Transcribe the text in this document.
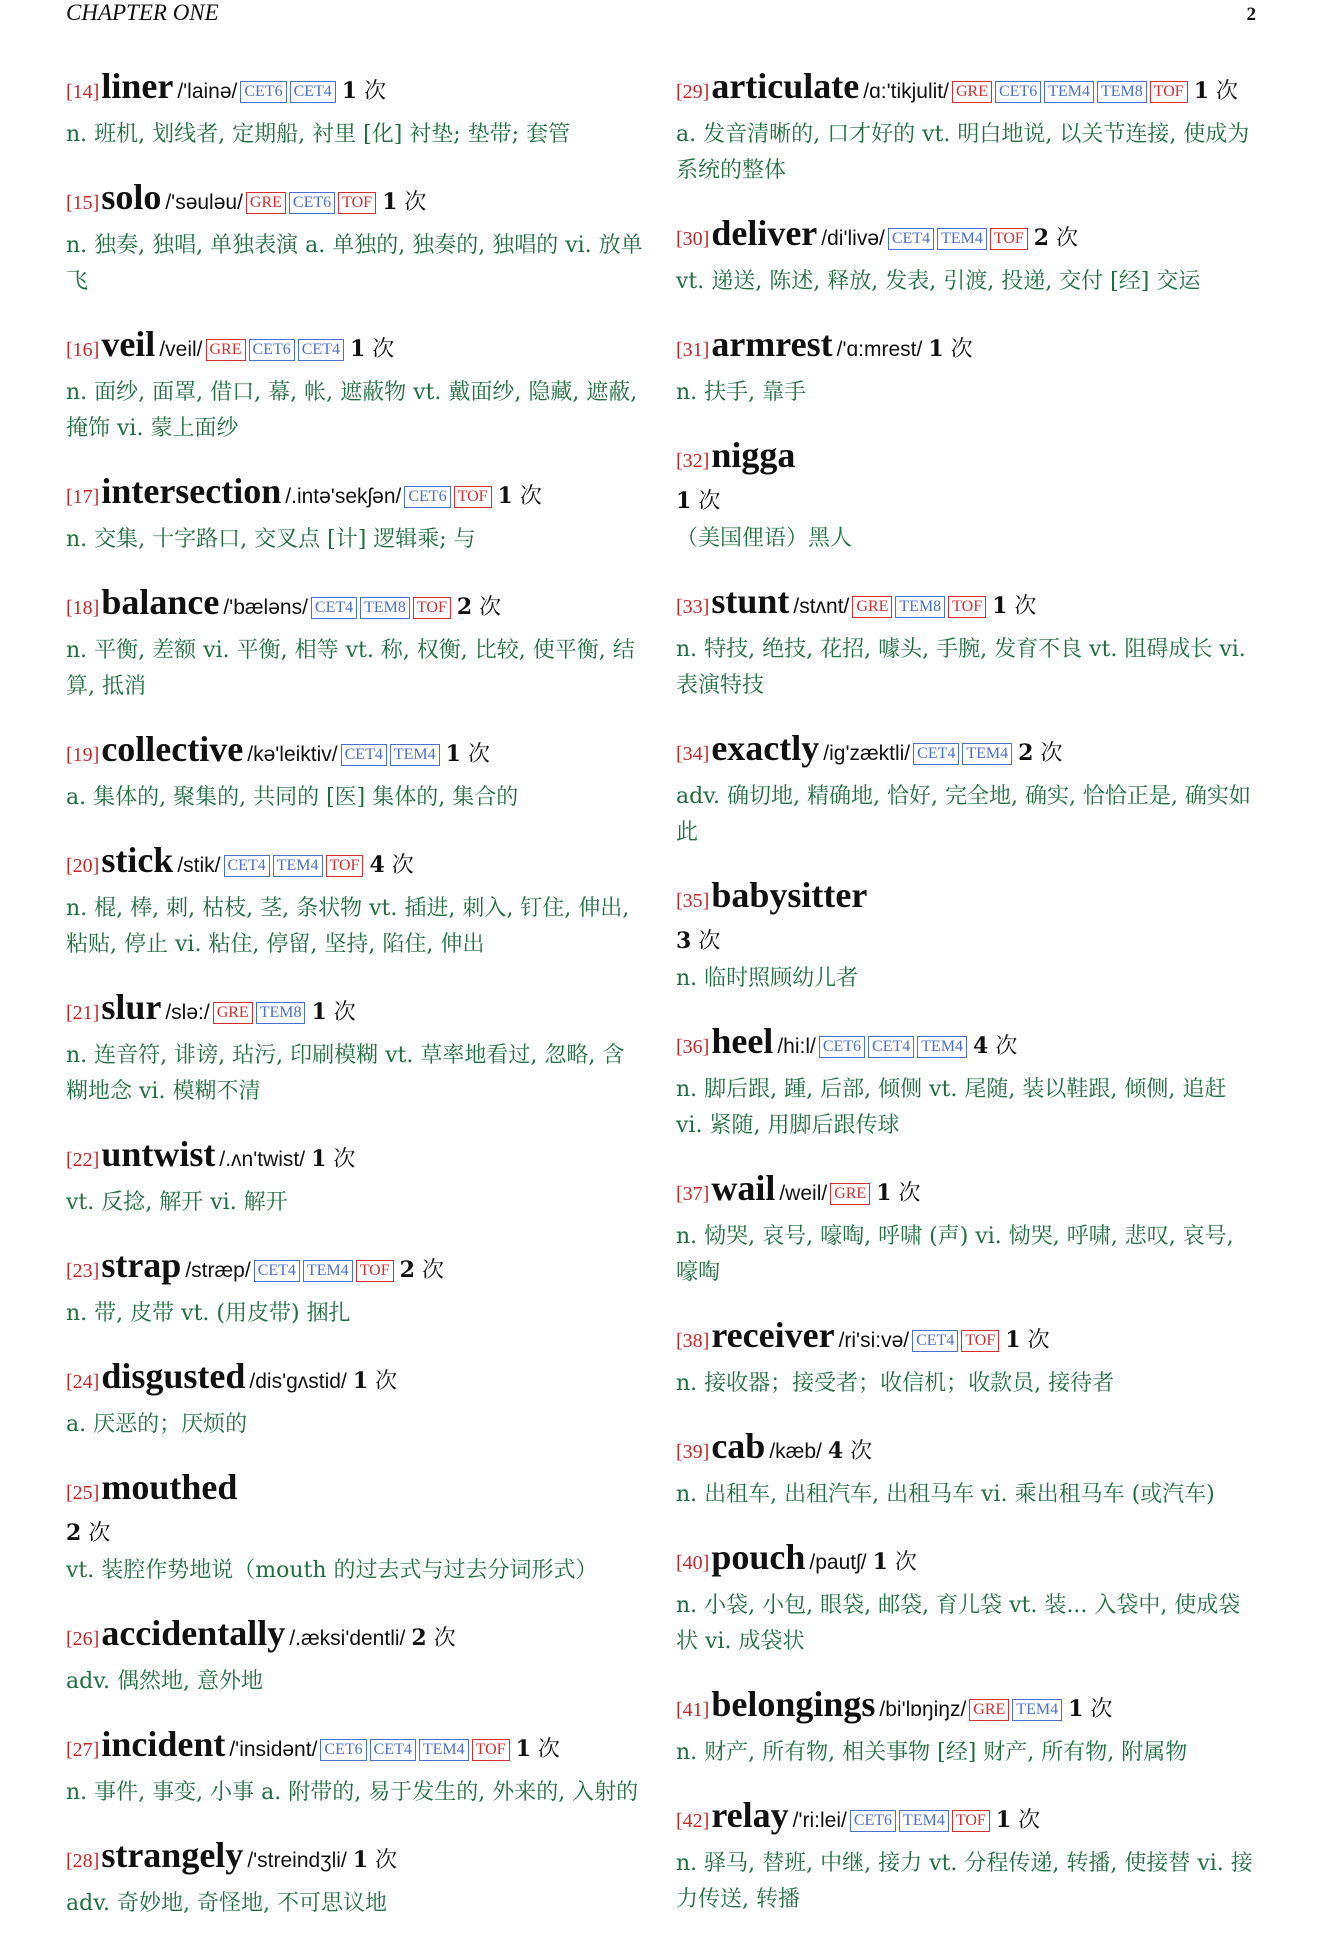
CHAPTER ONE	2
[14]liner /'lainə/ CET6 CET4 1 次
n. 班机, 划线者, 定期船, 衬里 [化] 衬垫; 垫带; 套管
[15]solo /'səuləu/ GRE CET6 TOF 1 次
n. 独奏, 独唱, 单独表演 a. 单独的, 独奏的, 独唱的 vi. 放单飞
[16]veil /veil/ GRE CET6 CET4 1 次
n. 面纱, 面罩, 借口, 幕, 帐, 遮蔽物 vt. 戴面纱, 隐藏, 遮蔽, 掩饰 vi. 蒙上面纱
[17]intersection /.intə'sekʃən/ CET6 TOF 1 次
n. 交集, 十字路口, 交叉点 [计] 逻辑乘; 与
[18]balance /'bæləns/ CET4 TEM8 TOF 2 次
n. 平衡, 差额 vi. 平衡, 相等 vt. 称, 权衡, 比较, 使平衡, 结算, 抵消
[19]collective /kə'leiktiv/ CET4 TEM4 1 次
a. 集体的, 聚集的, 共同的 [医] 集体的, 集合的
[20]stick /stik/ CET4 TEM4 TOF 4 次
n. 棍, 棒, 刺, 枯枝, 茎, 条状物 vt. 插进, 刺入, 钉住, 伸出, 粘贴, 停止 vi. 粘住, 停留, 坚持, 陷住, 伸出
[21]slur /slə:/ GRE TEM8 1 次
n. 连音符, 诽谤, 玷污, 印刷模糊 vt. 草率地看过, 忽略, 含糊地念 vi. 模糊不清
[22]untwist /.ʌn'twist/ 1 次
vt. 反捻, 解开 vi. 解开
[23]strap /stræp/ CET4 TEM4 TOF 2 次
n. 带, 皮带 vt. (用皮带) 捆扎
[24]disgusted /dis'gʌstid/ 1 次
a. 厌恶的；厌烦的
[25]mouthed
2 次
vt. 装腔作势地说（mouth 的过去式与过去分词形式）
[26]accidentally /.æksi'dentli/ 2 次
adv. 偶然地, 意外地
[27]incident /'insidənt/ CET6 CET4 TEM4 TOF 1 次
n. 事件, 事变, 小事 a. 附带的, 易于发生的, 外来的, 入射的
[28]strangely /'streindʒli/ 1 次
adv. 奇妙地, 奇怪地, 不可思议地
[29]articulate /ɑ:'tikjulit/ GRE CET6 TEM4 TEM8 TOF 1 次
a. 发音清晰的, 口才好的 vt. 明白地说, 以关节连接, 使成为系统的整体
[30]deliver /di'livə/ CET4 TEM4 TOF 2 次
vt. 递送, 陈述, 释放, 发表, 引渡, 投递, 交付 [经] 交运
[31]armrest /'ɑ:mrest/ 1 次
n. 扶手, 靠手
[32]nigga
1 次
（美国俚语）黑人
[33]stunt /stʌnt/ GRE TEM8 TOF 1 次
n. 特技, 绝技, 花招, 噱头, 手腕, 发育不良 vt. 阻碍成长 vi. 表演特技
[34]exactly /ig'zæktli/ CET4 TEM4 2 次
adv. 确切地, 精确地, 恰好, 完全地, 确实, 恰恰正是, 确实如此
[35]babysitter
3 次
n. 临时照顾幼儿者
[36]heel /hi:l/ CET6 CET4 TEM4 4 次
n. 脚后跟, 踵, 后部, 倾侧 vt. 尾随, 装以鞋跟, 倾侧, 追赶 vi. 紧随, 用脚后跟传球
[37]wail /weil/ GRE 1 次
n. 恸哭, 哀号, 嚎啕, 呼啸 (声) vi. 恸哭, 呼啸, 悲叹, 哀号, 嚎啕
[38]receiver /ri'si:və/ CET4 TOF 1 次
n. 接收器；接受者；收信机；收款员, 接待者
[39]cab /kæb/ 4 次
n. 出租车, 出租汽车, 出租马车 vi. 乘出租马车 (或汽车)
[40]pouch /pautʃ/ 1 次
n. 小袋, 小包, 眼袋, 邮袋, 育儿袋 vt. 装... 入袋中, 使成袋状 vi. 成袋状
[41]belongings /bi'lɒŋiŋz/ GRE TEM4 1 次
n. 财产, 所有物, 相关事物 [经] 财产, 所有物, 附属物
[42]relay /'ri:lei/ CET6 TEM4 TOF 1 次
n. 驿马, 替班, 中继, 接力 vt. 分程传递, 转播, 使接替 vi. 接力传送, 转播
